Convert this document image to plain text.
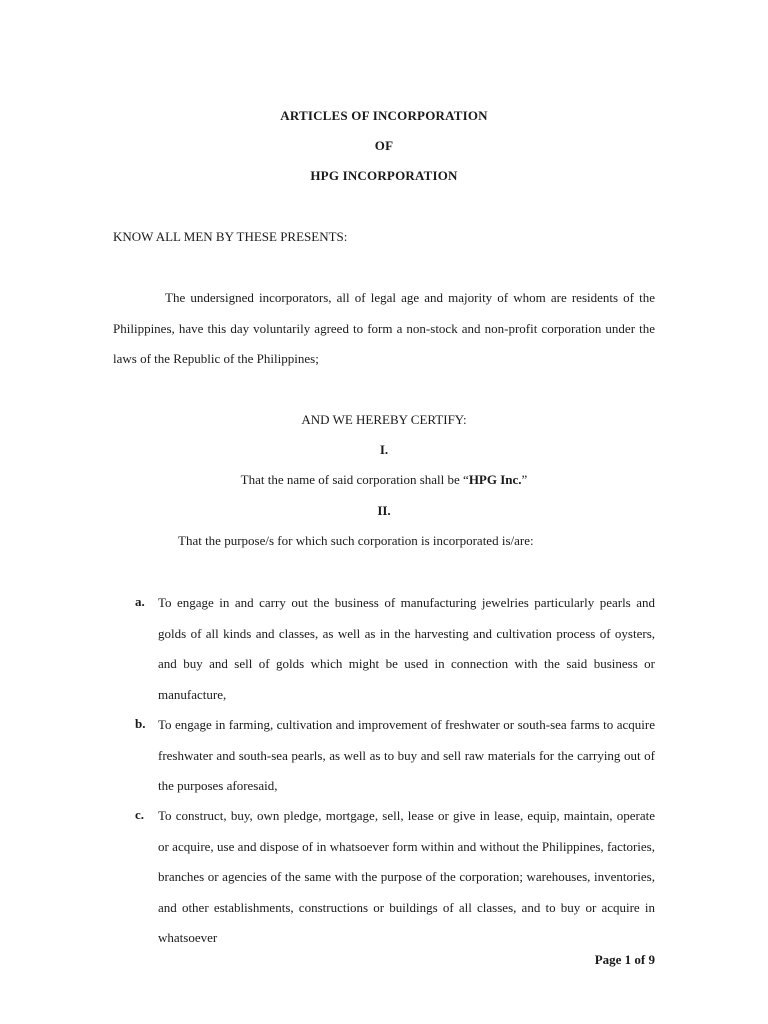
ARTICLES OF INCORPORATION
OF
HPG INCORPORATION
KNOW ALL MEN BY THESE PRESENTS:
The undersigned incorporators, all of legal age and majority of whom are residents of the Philippines, have this day voluntarily agreed to form a non-stock and non-profit corporation under the laws of the Republic of the Philippines;
AND WE HEREBY CERTIFY:
I.
That the name of said corporation shall be “HPG Inc.”
II.
That the purpose/s for which such corporation is incorporated is/are:
a. To engage in and carry out the business of manufacturing jewelries particularly pearls and golds of all kinds and classes, as well as in the harvesting and cultivation process of oysters, and buy and sell of golds which might be used in connection with the said business or manufacture,
b. To engage in farming, cultivation and improvement of freshwater or south-sea farms to acquire freshwater and south-sea pearls, as well as to buy and sell raw materials for the carrying out of the purposes aforesaid,
c. To construct, buy, own pledge, mortgage, sell, lease or give in lease, equip, maintain, operate or acquire, use and dispose of in whatsoever form within and without the Philippines, factories, branches or agencies of the same with the purpose of the corporation; warehouses, inventories, and other establishments, constructions or buildings of all classes, and to buy or acquire in whatsoever
Page 1 of 9
